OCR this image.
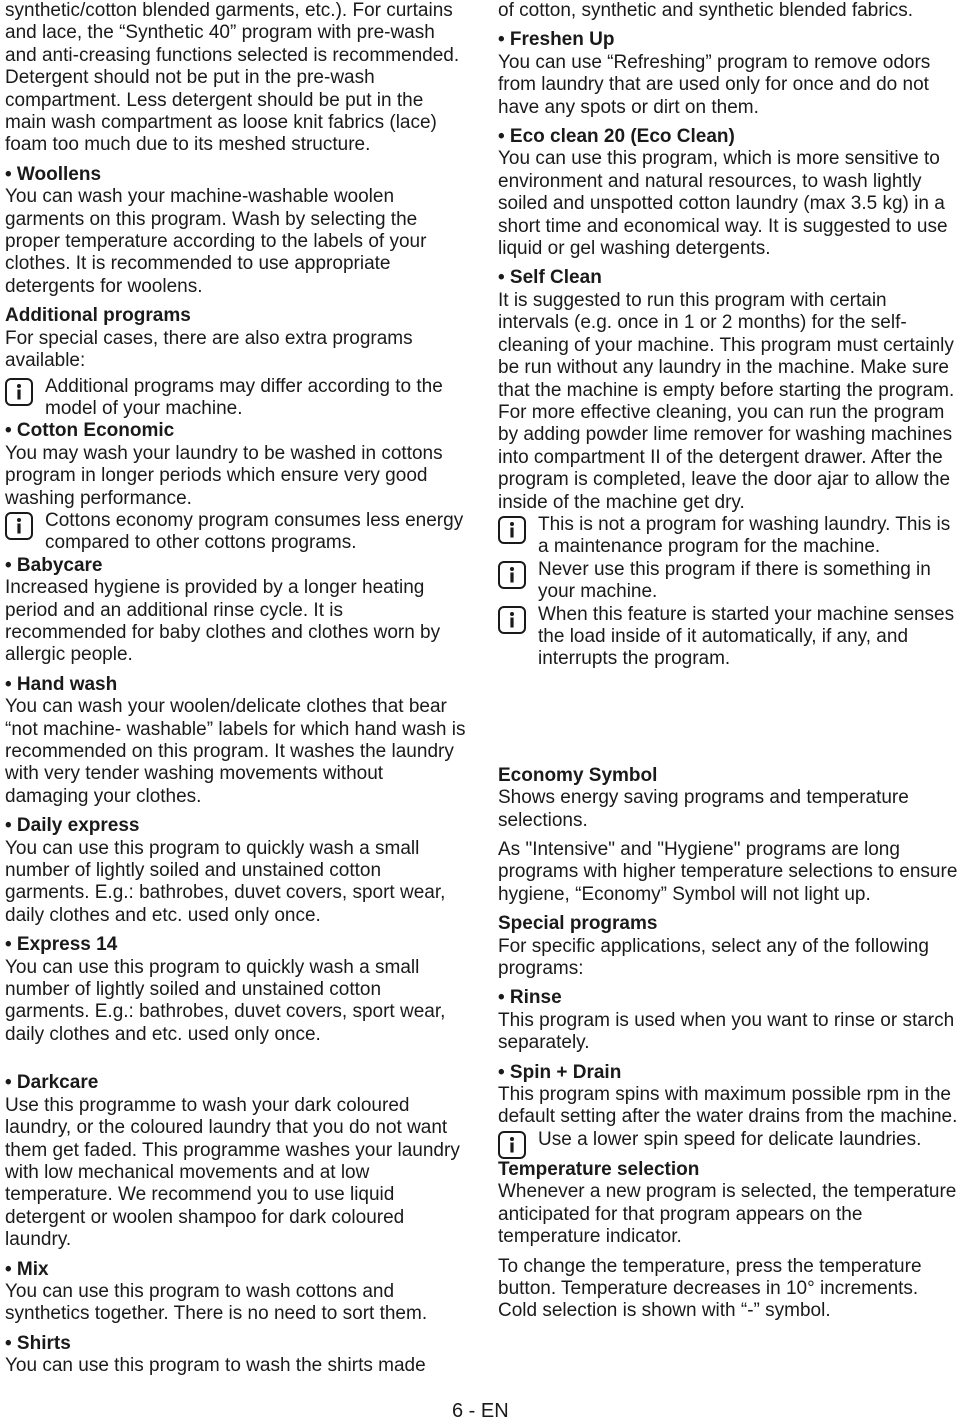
synthetic/cotton blended garments, etc.). For curtains and lace, the “Synthetic 40” program with pre-wash and anti-creasing functions selected is recommended. Detergent should not be put in the pre-wash compartment. Less detergent should be put in the main wash compartment as loose knit fabrics (lace) foam too much due to its meshed structure.

• Woollens

You can wash your machine-washable woolen garments on this program. Wash by selecting the proper temperature according to the labels of your clothes. It is recommended to use appropriate detergents for woolens.

Additional programs

For special cases, there are also extra programs available:

Additional programs may differ according to the model of your machine.

• Cotton Economic

You may wash your laundry to be washed in cottons program in longer periods which ensure very good washing performance.

Cottons economy program consumes less energy compared to other cottons programs.

• Babycare

Increased hygiene is provided by a longer heating period and an additional rinse cycle. It is recommended for baby clothes and clothes worn by allergic people.

• Hand wash

You can wash your woolen/delicate clothes that bear “not machine- washable” labels for which hand wash is recommended on this program. It washes the laundry with very tender washing movements without damaging your clothes.

• Daily express

You can use this program to quickly wash a small number of lightly soiled and unstained cotton garments. E.g.: bathrobes, duvet covers, sport wear, daily clothes and etc. used only once.

• Express 14

You can use this program to quickly wash a small number of lightly soiled and unstained cotton garments. E.g.: bathrobes, duvet covers, sport wear, daily clothes and etc. used only once.

• Darkcare

Use this programme to wash your dark coloured laundry, or the coloured laundry that you do not want them get faded. This programme washes your laundry with low mechanical movements and at low temperature. We recommend you to use liquid detergent or woolen shampoo for dark coloured laundry.

• Mix

You can use this program to wash cottons and synthetics together. There is no need to sort them.

• Shirts

You can use this program to wash the shirts made

of cotton, synthetic and synthetic blended fabrics.

• Freshen Up

You can use “Refreshing” program to remove odors from laundry that are used only for once and do not have any spots or dirt on them.

• Eco clean 20 (Eco Clean)

You can use this program, which is more sensitive to environment and natural resources, to wash lightly soiled and unspotted cotton laundry (max 3.5 kg) in a short time and economical way. It is suggested to use liquid or gel washing detergents.

• Self Clean

It is suggested to run this program with certain intervals (e.g. once in 1 or 2 months) for the self-cleaning of your machine. This program must certainly be run without any laundry in the machine. Make sure that the machine is empty before starting the program. For more effective cleaning, you can run the program by adding powder lime remover for washing machines into compartment II of the detergent drawer. After the program is completed, leave the door ajar to allow the inside of the machine get dry.

This is not a program for washing laundry. This is a maintenance program for the machine.

Never use this program if there is something in your machine.

When this feature is started your machine senses the load inside of it automatically, if any, and interrupts the program.

Economy Symbol

Shows energy saving programs and temperature selections.

As "Intensive" and "Hygiene" programs are long programs with higher temperature selections to ensure hygiene, “Economy” Symbol will not light up.

Special programs

For specific applications, select any of the following programs:

• Rinse

This program is used when you want to rinse or starch separately.

• Spin + Drain

This program spins with maximum possible rpm in the default setting after the water drains from the machine.

Use a lower spin speed for delicate laundries.

Temperature selection

Whenever a new program is selected, the temperature anticipated for that program appears on the temperature indicator.

To change the temperature, press the temperature button. Temperature decreases in 10° increments. Cold selection is shown with “-” symbol.

6 - EN
